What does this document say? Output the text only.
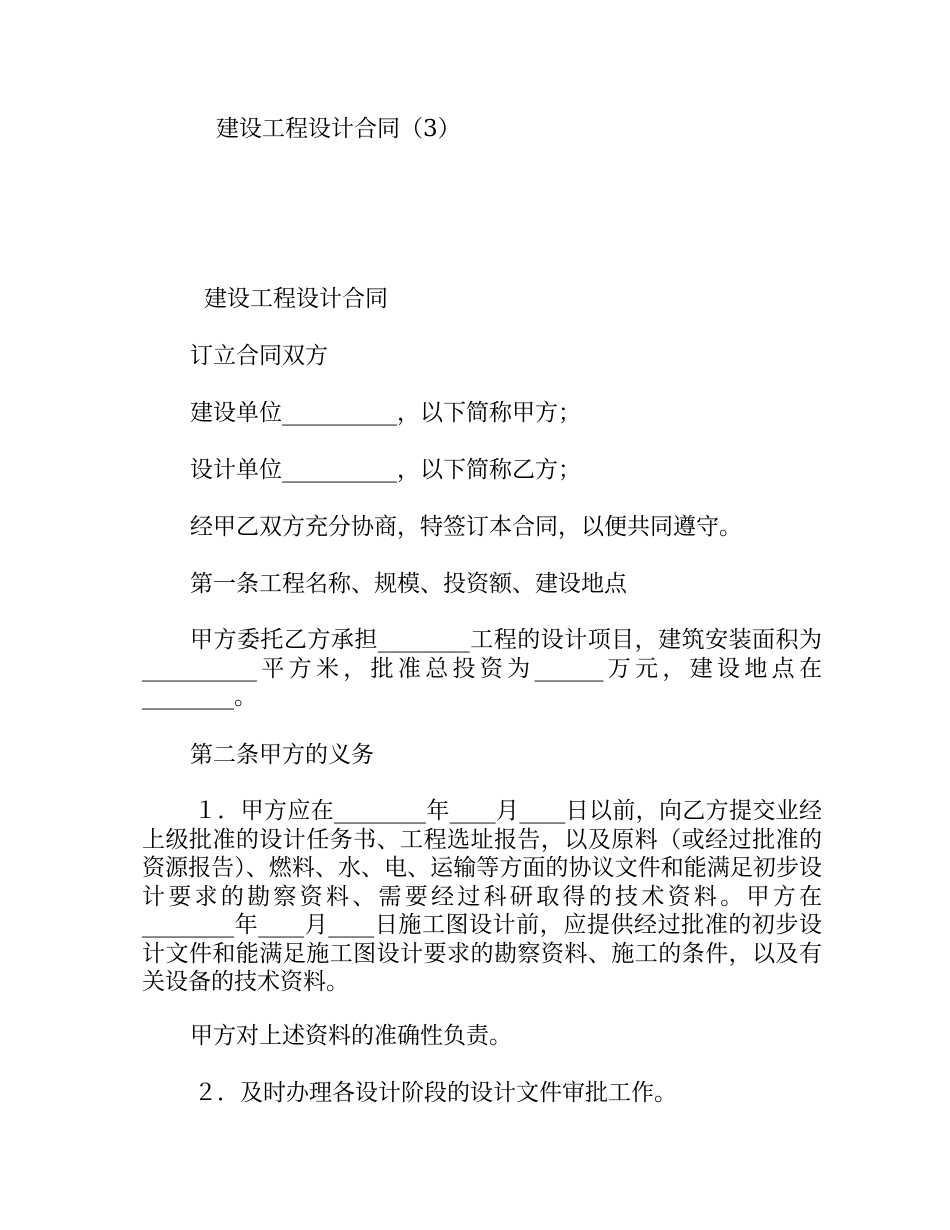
建设工程设计合同（3）

建设工程设计合同

订立合同双方

建设单位__________，以下简称甲方；

设计单位__________，以下简称乙方；

经甲乙双方充分协商，特签订本合同，以便共同遵守。

第一条工程名称、规模、投资额、建设地点

甲方委托乙方承担________工程的设计项目，建筑安装面积为__________平方米，批准总投资为______万元，建设地点在________。

第二条甲方的义务

１．甲方应在________年____月____日以前，向乙方提交业经上级批准的设计任务书、工程选址报告，以及原料（或经过批准的资源报告）、燃料、水、电、运输等方面的协议文件和能满足初步设计要求的勘察资料、需要经过科研取得的技术资料。甲方在________年____月____日施工图设计前，应提供经过批准的初步设计文件和能满足施工图设计要求的勘察资料、施工的条件，以及有关设备的技术资料。

甲方对上述资料的准确性负责。

２．及时办理各设计阶段的设计文件审批工作。
